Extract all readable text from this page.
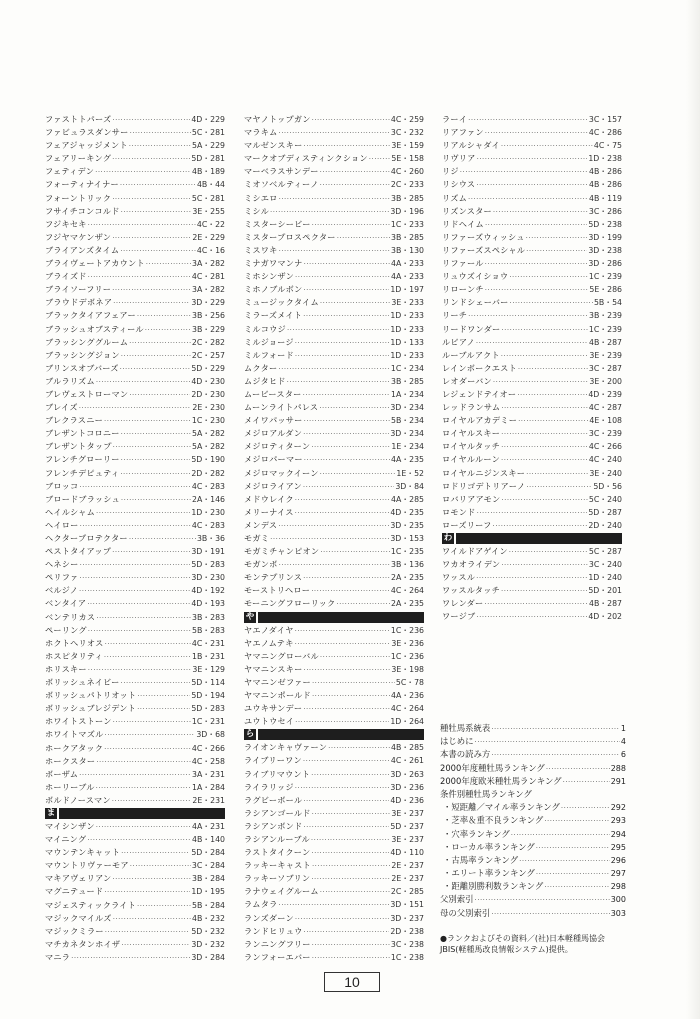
ファストトパーズ ·····	4D・229
ファビュラスダンサー ·····	5C・281
フェアジャッジメント ·····	5A・229
フェアリーキング ·····	5D・281
フェティデン ·····	4B・189
フォーティナイナー ·····	4B・44
フォーントリック ·····	5C・281
フサイチコンコルド ·····	3E・255
フジキセキ ·····	4C・22
フジヤマケンザン ·····	2E・229
ブライアンズタイム ·····	4C・16
ブライヴェートアカウント ·····	3A・282
ブライズド ·····	4C・281
ブライソーフリー ·····	3A・282
ブラウドデボネア ·····	3D・229
ブラックタイアフェアー ·····	3B・256
ブラッシュオブスティール ·····	3B・229
ブラッシンググルーム ·····	2C・282
ブラッシングジョン ·····	2C・257
ブリンスオブバーズ ·····	5D・229
ブルラリズム ·····	4D・230
ブレヴェストローマン ·····	2D・230
ブレイズ ·····	2E・230
ブレクラスニー ·····	1C・230
ブレザントコロニー ·····	5A・282
ブレザントタップ ·····	5A・282
フレンチグローリー ·····	5D・190
フレンチデピュティ ·····	2D・282
ブロッコ ·····	4C・283
ブロードブラッシュ ·····	2A・146
ヘイルシャム ·····	1D・230
ヘイロー ·····	4C・283
ヘクタープロテクター ·····	3B・36
ペストタイアップ ·····	3D・191
ヘネシー ·····	5D・283
ペリファ ·····	3D・230
ベルジノ ·····	4D・192
ベンタイア ·····	4D・193
ベンテリカス ·····	3B・283
ペーリング ·····	5B・283
ホクトヘリオス ·····	4C・231
ホスピタリティ ·····	1B・231
ホリスキー ·····	3E・129
ボリッシュネイビー ·····	5D・114
ボリッシュパトリオット ·····	5D・194
ボリッシュブレジデント ·····	5D・283
ホワイトストーン ·····	1C・231
ホワイトマズル ·····	3D・68
ホークアタック ·····	4C・266
ホークスター ·····	4C・258
ボーザム ·····	3A・231
ホーリーブル ·····	1A・284
ボルドノースマン ·····	2E・231
ま
マイシンザン ·····	4A・231
マイニング ·····	4B・140
マウンテンキャット ·····	5D・284
マウントリヴァーモア ·····	3C・284
マキアヴェリアン ·····	3B・284
マグニテュード ·····	1D・195
マジェスティックライト ·····	5B・284
マジックマイルズ ·····	4B・232
マジックミラー ·····	5D・232
マチカネタンホイザ ·····	3D・232
マニラ ·····	3D・284
マヤノトップガン ·····	4C・259
マラキム ·····	3C・232
マルゼンスキー ·····	3E・159
マークオブディスティンクション ·····	5E・158
マーベラスサンデー ·····	4C・260
ミオソベルティーノ ·····	2C・233
ミシエロ ·····	3B・285
ミシル ·····	3D・196
ミスターシービー ·····	1C・233
ミスタープロスペクター ·····	3B・285
ミスワキ ·····	3B・130
ミナガワマンナ ·····	4A・233
ミホシンザン ·····	4A・233
ミホノブルボン ·····	1D・197
ミュージックタイム ·····	3E・233
ミラーズメイト ·····	1D・233
ミルコウジ ·····	1D・233
ミルジョージ ·····	1D・133
ミルフォード ·····	1D・233
ムクター ·····	1C・234
ムジタヒド ·····	3B・285
ムービースター ·····	1A・234
ムーンライトパレス ·····	3D・234
メイワパッサー ·····	5B・234
メジロアルダン ·····	3D・234
メジロティターン ·····	1E・234
メジロパーマー ·····	4A・235
メジロマックイーン ·····	1E・52
メジロライアン ·····	3D・84
メドウレイク ·····	4A・285
メリーナイス ·····	4D・235
メンデス ·····	3D・235
モガミ ·····	3D・153
モガミチャンピオン ·····	1C・235
モガンボ ·····	3B・136
モンテプリンス ·····	2A・235
モーストリヘロー ·····	4C・264
モーニングフローリック ·····	2A・235
や
ヤエノダイヤ ·····	1C・236
ヤエノムテキ ·····	3E・236
ヤマニングローバル ·····	1C・236
ヤマニンスキー ·····	3E・198
ヤマニンゼファー ·····	5C・78
ヤマニンポールド ·····	4A・236
ユウキサンデー ·····	4C・264
ユウトウセイ ·····	1D・264
ら
ライオンキャヴァーン ·····	4B・285
ライブリーワン ·····	4C・261
ライブリマウント ·····	3D・263
ライラリッジ ·····	3D・236
ラグビーボール ·····	4D・236
ラシアンゴールド ·····	3E・237
ラシアンボンド ·····	5D・237
ラシアンルーブル ·····	3E・237
ラストタイクーン ·····	4D・110
ラッキーキャスト ·····	2E・237
ラッキーソブリン ·····	2E・237
ラナウェイグルーム ·····	2C・285
ラムタラ ·····	3D・151
ランズダーン ·····	3D・237
ランドヒリュウ ·····	2D・238
ランニングフリー ·····	3C・238
ランフォーエバー ·····	1C・238
ラーイ ·····	3C・157
リアファン ·····	4C・286
リアルシャダイ ·····	4C・75
リヴリア ·····	1D・238
リジ ·····	4B・286
リシウス ·····	4B・286
リズム ·····	4B・119
リズンスター ·····	3C・286
リドヘイム ·····	5D・238
リファーズウィッシュ ·····	3D・199
リファーズスペシャル ·····	3D・238
リファール ·····	3D・286
リュウズイショウ ·····	1C・239
リローンチ ·····	5E・286
リンドシェーバー ·····	5B・54
リーチ ·····	3B・239
リードワンダー ·····	1C・239
ルビアノ ·····	4B・287
ルーブルアクト ·····	3E・239
レインボークエスト ·····	3C・287
レオダーバン ·····	3E・200
レジェンドテイオー ·····	4D・239
レッドランサム ·····	4C・287
ロイヤルアカデミー ·····	4E・108
ロイヤルスキー ·····	3C・239
ロイヤルタッチ ·····	4C・266
ロイヤルルーン ·····	4C・240
ロイヤルニジンスキー ·····	3E・240
ロドリゴデトリアーノ ·····	5D・56
ロバリアアモン ·····	5C・240
ロモンド ·····	5D・287
ローズリーフ ·····	2D・240
わ
ワイルドアゲイン ·····	5C・287
ワカオライデン ·····	3C・240
ワッスル ·····	1D・240
ワッスルタッチ ·····	5D・201
ワレンダー ·····	4B・287
ワージブ ·····	4D・202
種牡馬系統表 ·····	1
はじめに ·····	4
本書の読み方 ·····	6
2000年度種牡馬ランキング ·····	288
2000年度欧米種牡馬ランキング ·····	291
条件別種牡馬ランキング
・短距離／マイル率ランキング ·····	292
・芝率＆重不良ランキング ·····	293
・穴率ランキング ·····	294
・ローカル率ランキング ·····	295
・古馬率ランキング ·····	296
・エリート率ランキング ·····	297
・距離別勝利数ランキング ·····	298
父別索引 ·····	300
母の父別索引 ·····	303
●ランクおよびその資料／(社)日本軽種馬協会JBIS(軽種馬改良情報システム)提供。
10
